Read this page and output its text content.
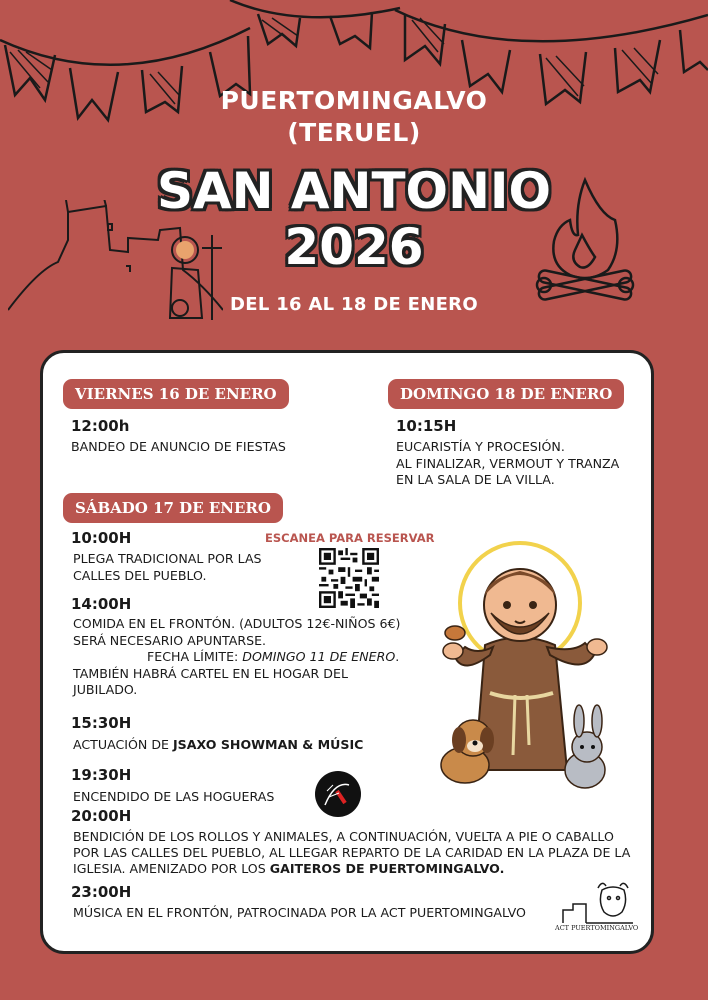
PUERTOMINGALVO
(TERUEL)
SAN ANTONIO
2026
DEL 16 AL 18 DE ENERO
VIERNES 16 DE ENERO
12:00h
BANDEO DE ANUNCIO DE FIESTAS
DOMINGO 18 DE ENERO
10:15H
EUCARISTÍA Y PROCESIÓN.
AL FINALIZAR, VERMOUT Y TRANZA
EN LA SALA DE LA VILLA.
SÁBADO 17 DE ENERO
10:00H
PLEGA TRADICIONAL POR LAS
CALLES DEL PUEBLO.
ESCANEA PARA RESERVAR
14:00H
COMIDA EN EL FRONTÓN. (ADULTOS 12€-NIÑOS 6€)
SERÁ NECESARIO APUNTARSE.
FECHA LÍMITE: DOMINGO 11 DE ENERO.
TAMBIÉN HABRÁ CARTEL EN EL HOGAR DEL
JUBILADO.
15:30H
ACTUACIÓN DE JSAXO SHOWMAN & MÚSIC
19:30H
ENCENDIDO DE LAS HOGUERAS
20:00H
BENDICIÓN DE LOS ROLLOS Y ANIMALES, A CONTINUACIÓN, VUELTA A PIE O CABALLO
POR LAS CALLES DEL PUEBLO, AL LLEGAR REPARTO DE LA CARIDAD EN LA PLAZA DE LA
IGLESIA. AMENIZADO POR LOS GAITEROS DE PUERTOMINGALVO.
23:00H
MÚSICA EN EL FRONTÓN, PATROCINADA POR LA ACT PUERTOMINGALVO
ACT PUERTOMINGALVO
